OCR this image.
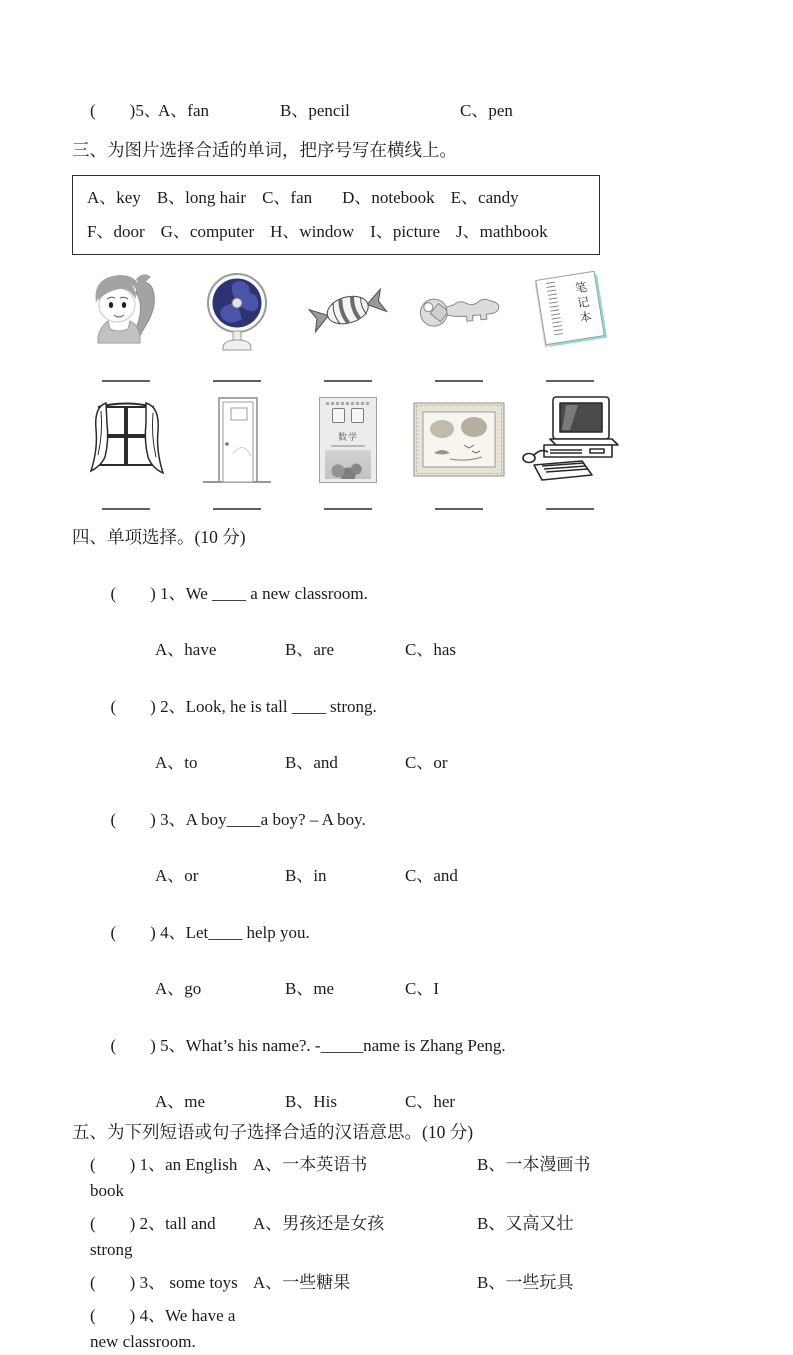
(　　)5、
A、fan	B、pencil	C、pen
三、为图片选择合适的单词，把序号写在横线上。
A、key B、long hair C、fan D、notebook E、candy
F、door G、computer H、window I、picture J、mathbook
笔记本
数学
四、单项选择。(10 分)

(　　) 1、We ____ a new classroom.

A、have	B、are	C、has

(　　) 2、Look, he is tall ____ strong.

A、to	B、and	C、or

(　　) 3、A boy____a boy? – A boy.

A、or	B、in	C、and

(　　) 4、Let____ help you.

A、go	B、me	C、I

(　　) 5、What’s his name?. -_____name is Zhang Peng.

A、me	B、His	C、her
五、为下列短语或句子选择合适的汉语意思。(10 分)
(　　) 1、an English book
A、一本英语书	B、一本漫画书
(　　) 2、tall and strong
A、男孩还是女孩	B、又高又壮
(　　) 3、 some toys A、一些糖果	B、一些玩具
(　　) 4、We have a new classroom.
